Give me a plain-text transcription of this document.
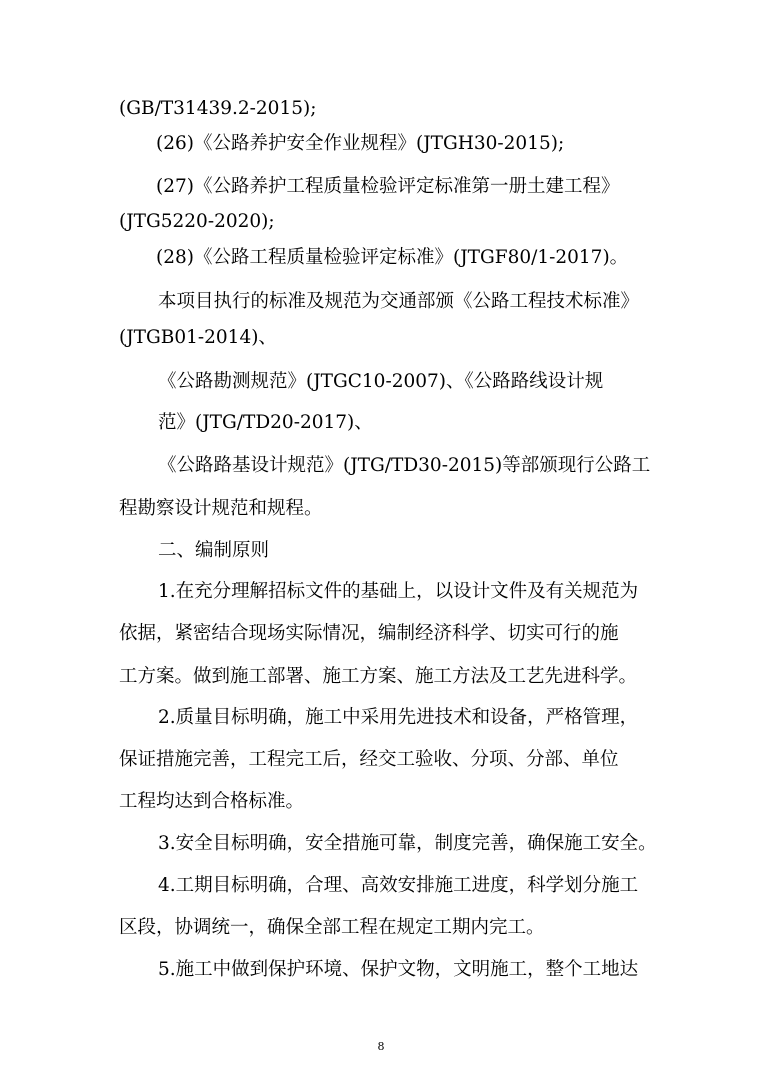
(GB/T31439.2-2015);
(26)《公路养护安全作业规程》(JTGH30-2015);
(27)《公路养护工程质量检验评定标准第一册土建工程》
(JTG5220-2020);
(28)《公路工程质量检验评定标准》(JTGF80/1-2017)。
本项目执行的标准及规范为交通部颁《公路工程技术标准》
(JTGB01-2014)、
《公路勘测规范》(JTGC10-2007)、《公路路线设计规
范》(JTG/TD20-2017)、
《公路路基设计规范》(JTG/TD30-2015)等部颁现行公路工
程勘察设计规范和规程。
二、编制原则
1.在充分理解招标文件的基础上，以设计文件及有关规范为
依据，紧密结合现场实际情况，编制经济科学、切实可行的施
工方案。做到施工部署、施工方案、施工方法及工艺先进科学。
2.质量目标明确，施工中采用先进技术和设备，严格管理，
保证措施完善，工程完工后，经交工验收、分项、分部、单位
工程均达到合格标准。
3.安全目标明确，安全措施可靠，制度完善，确保施工安全。
4.工期目标明确，合理、高效安排施工进度，科学划分施工
区段，协调统一，确保全部工程在规定工期内完工。
5.施工中做到保护环境、保护文物，文明施工，整个工地达
8
